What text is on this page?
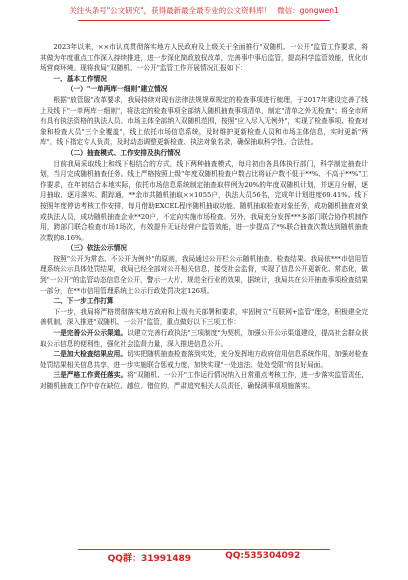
关注头条号"公文研究"，获得最新最全最专业的公文资料库！ 微信：gongwen1

2023年以来，××市认真贯彻落实地方人民政府及上级关于全面推行"双随机、一公开"监管工作要求，将其做为年度重点工作深入持续推进，进一步深化简政放权改革，完善事中事后监管，提高科学监管效能，优化市场营商环境。现将我局"双随机、一公开"监管工作开展情况汇报如下：

一、基本工作情况

（一）"一单两库一细则"建立情况

根据"放管服"改革要求，我局持续对现有法律法规规章规定的检查事项进行梳理，于2017年建设完善了线上及线下"一单两库一细则"，将法定的检查事项全部纳入随机抽查事项清单，制定"清单之外无检查"；将全市所有具有执法资格的执法人员、市场主体全部纳入双随机范围，按照"应入尽入无例外"，实现了检查事项、检查对象和检查人员"三个全覆盖"，线上依托市场信息系统，及时维护更新检查人员和市场主体信息，实时更新"两库"，线下指定专人负责，及时动态调整更新检查、执法对象名录，确保抽取科学性、合法性。

（二）抽查模式、工作安排及执行情况

目前我局采取线上和线下相结合的方式，线下两种抽查模式，每月初由各具体执行部门，科学制定抽查计划，当月完成随机抽查任务。线上严格按照上级"年度双随机检查户数占比将证户数不低于**%、不高于**%"工作要求，在年初结合本地实际，依托市场信息系统制定抽查取样例为20%的年度双随机计划，并逐月分解，逐月抽取、逐月落实、跟踪通，**余市共随机抽取××1055户，执法人员56名，完成年计划进度69.41%。线下按照年度停访考核工作安排，每月借助EXCEL程序随机抽取功能，随机抽取检查对象任务，成功随机抽查对象或执法人员，成功随机抽查企业**20户，不定向实施市场检查。另外，我局充分发挥***多部门联合协作机制作用，跨部门联合检查市场1场次，有效提升无证经营户监管效能，进一步提高了*%联合抽查次数达到随机抽查次数的8.16%。

（三）依法公示情况

按照"公开为常态、不公开为例外"的原则，我局通过公开栏公示随机抽查、检查结果、我局依***市信用管理系统公示具体处罚结果，我局已经全部对公开相关信息，接受社会监督，实现了信息公开更新化、常态化，做到"一公开"的监管动态信息全公开，警示一大片、规范全行业的效果，据统计，我局共在公开抽查事项检查结果一部分，在**市信用管理系统上公示行政处罚决定126项。

二、下一步工作打算

下一步，我局将严格贯彻落实地方政府和上级有关部署和要求，牢固树立"互联网+监管"理念，积极建全完善机制，深入推进"双随机、一公开"监管，重点做好以下三项工作：

一是完善公开公示渠道。以建立完善行政执法"三项制度"为契机，加强公开公示渠道建设，提高社会群众获取公示信息的便利性，强化社会监督力量，深入推进信息公开。

二是加大检查结果应用。切实把随机抽查检查落到实处，充分发挥地方政府信用信息系统作用，加强对检查处罚结果相关信息共享，进一步实施联合惩戒力度，加快实现"一处违法、处处受限"的良好局面。

三是严格工作责任落实。将"双随机、一公开"工作运行情况纳入日常重点考核工作，进一步落实监管责任，对随机抽查工作中存在缺位、越位、错位的，严肃追究相关人员责任，确保满事项项施落实。

QQ群：31991489	QQ:535304092
